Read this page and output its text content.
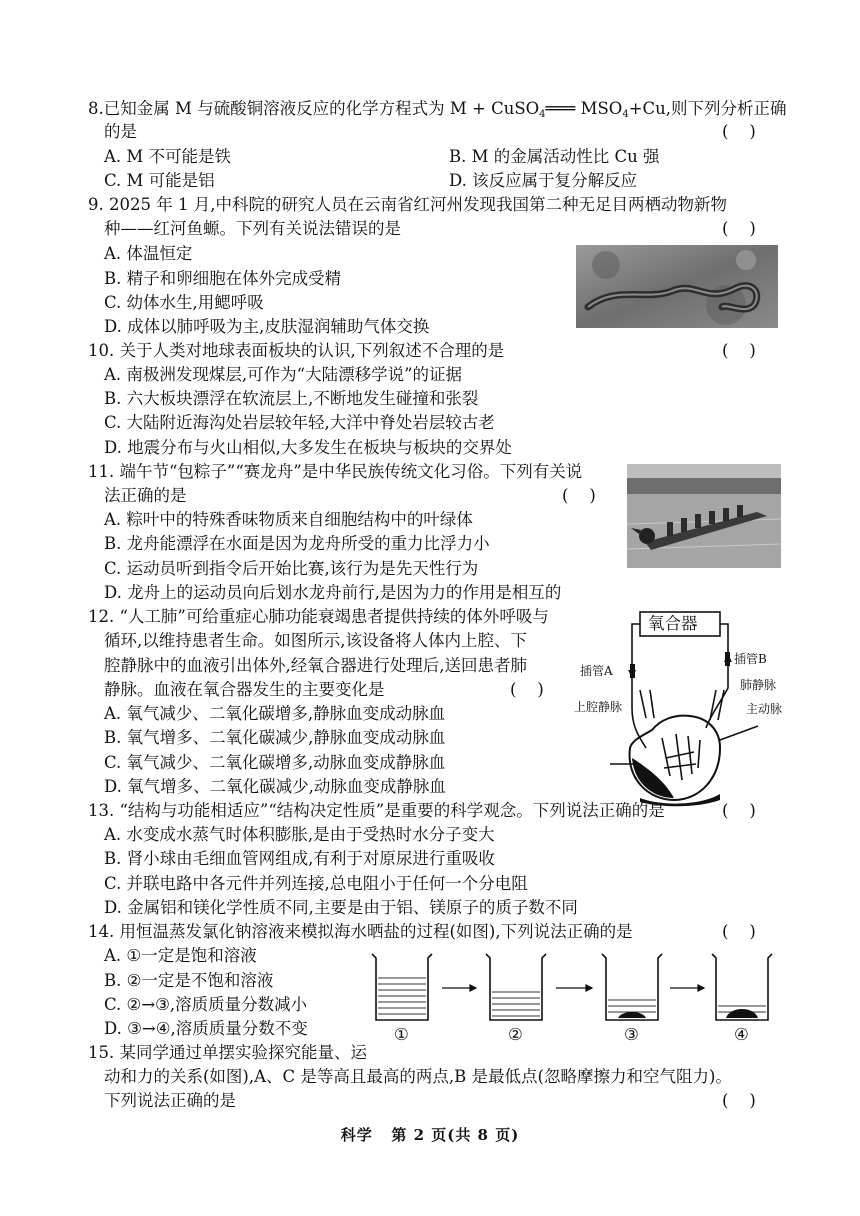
8.已知金属 M 与硫酸铜溶液反应的化学方程式为 M + CuSO$_4$═══ $MSO_4+Cu$,则下列分析正确
的是	(    )
A. M 不可能是铁	B. M 的金属活动性比 Cu 强
C. M 可能是铝	D. 该反应属于复分解反应
9. 2025 年 1 月,中科院的研究人员在云南省红河州发现我国第二种无足目两栖动物新物
种——红河鱼螈。下列有关说法错误的是	(    )
A. 体温恒定
B. 精子和卵细胞在体外完成受精
C. 幼体水生,用鳃呼吸
D. 成体以肺呼吸为主,皮肤湿润辅助气体交换
10. 关于人类对地球表面板块的认识,下列叙述不合理的是	(    )
A. 南极洲发现煤层,可作为“大陆漂移学说”的证据
B. 六大板块漂浮在软流层上,不断地发生碰撞和张裂
C. 大陆附近海沟处岩层较年轻,大洋中脊处岩层较古老
D. 地震分布与火山相似,大多发生在板块与板块的交界处
11. 端午节“包粽子”“赛龙舟”是中华民族传统文化习俗。下列有关说
法正确的是	(    )
A. 粽叶中的特殊香味物质来自细胞结构中的叶绿体
B. 龙舟能漂浮在水面是因为龙舟所受的重力比浮力小
C. 运动员听到指令后开始比赛,该行为是先天性行为
D. 龙舟上的运动员向后划水龙舟前行,是因为力的作用是相互的
12. “人工肺”可给重症心肺功能衰竭患者提供持续的体外呼吸与
循环,以维持患者生命。如图所示,该设备将人体内上腔、下
腔静脉中的血液引出体外,经氧合器进行处理后,送回患者肺
静脉。血液在氧合器发生的主要变化是	(    )
A. 氧气减少、二氧化碳增多,静脉血变成动脉血
B. 氧气增多、二氧化碳减少,静脉血变成动脉血
C. 氧气减少、二氧化碳增多,动脉血变成静脉血
D. 氧气增多、二氧化碳减少,动脉血变成静脉血
氧合器
插管A
插管B
肺静脉
上腔静脉	主动脉
13. “结构与功能相适应”“结构决定性质”是重要的科学观念。下列说法正确的是	(    )
A. 水变成水蒸气时体积膨胀,是由于受热时水分子变大
B. 肾小球由毛细血管网组成,有利于对原尿进行重吸收
C. 并联电路中各元件并列连接,总电阻小于任何一个分电阻
D. 金属铝和镁化学性质不同,主要是由于铝、镁原子的质子数不同
14. 用恒温蒸发氯化钠溶液来模拟海水晒盐的过程(如图),下列说法正确的是	(    )
A. ①一定是饱和溶液
B. ②一定是不饱和溶液
C. ②→③,溶质质量分数减小
D. ③→④,溶质质量分数不变	①	②	③	④
15. 某同学通过单摆实验探究能量、运
动和力的关系(如图),A、C 是等高且最高的两点,B 是最低点(忽略摩擦力和空气阻力)。
下列说法正确的是	(    )
科学   第 2 页(共 8 页)
